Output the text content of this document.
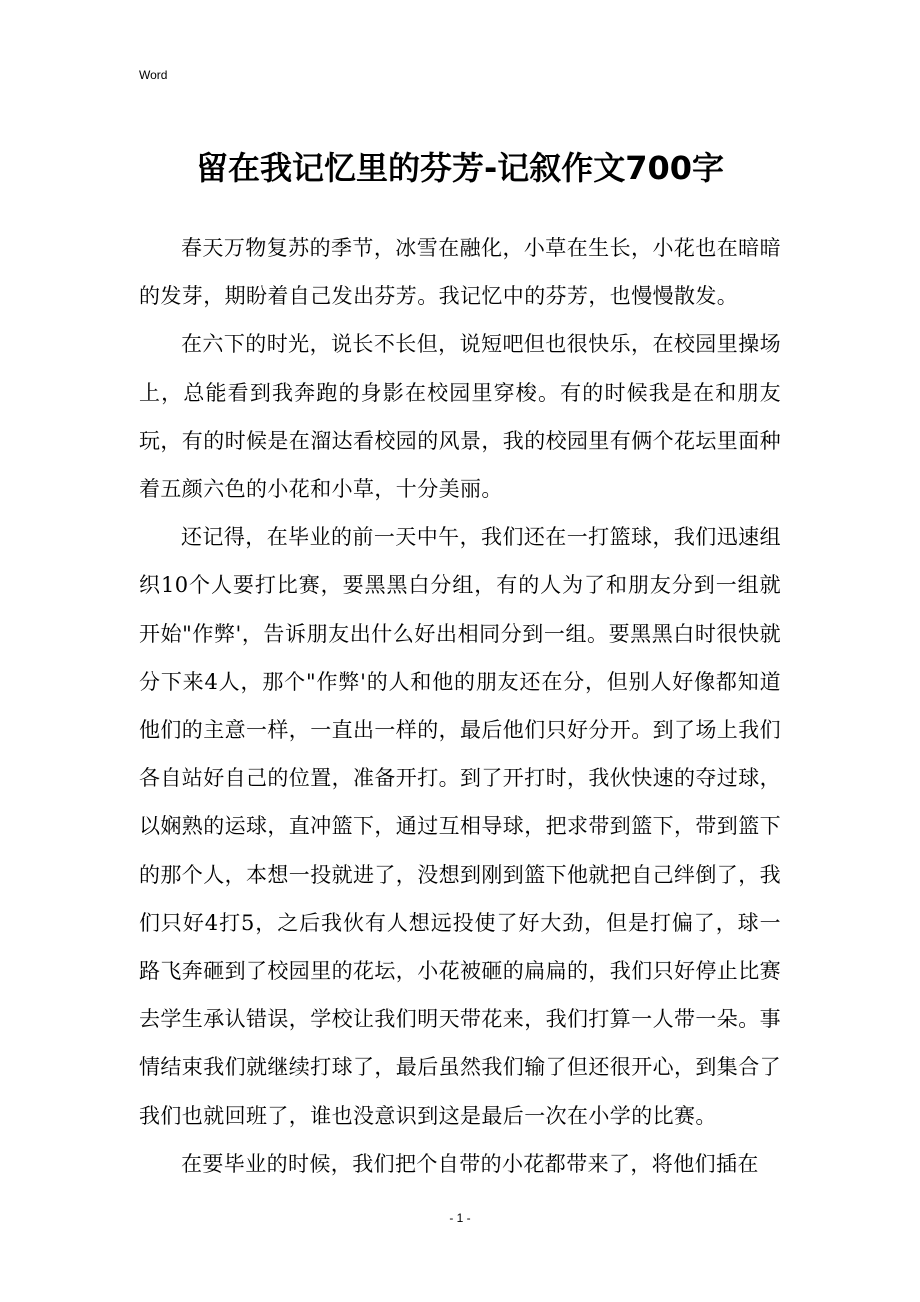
Word
留在我记忆里的芬芳-记叙作文700字

春天万物复苏的季节，冰雪在融化，小草在生长，小花也在暗暗的发芽，期盼着自己发出芬芳。我记忆中的芬芳，也慢慢散发。

在六下的时光，说长不长但，说短吧但也很快乐，在校园里操场上，总能看到我奔跑的身影在校园里穿梭。有的时候我是在和朋友玩，有的时候是在溜达看校园的风景，我的校园里有俩个花坛里面种着五颜六色的小花和小草，十分美丽。

还记得，在毕业的前一天中午，我们还在一打篮球，我们迅速组织10个人要打比赛，要黑黑白分组，有的人为了和朋友分到一组就开始"作弊'，告诉朋友出什么好出相同分到一组。要黑黑白时很快就分下来4人，那个"作弊'的人和他的朋友还在分，但别人好像都知道他们的主意一样，一直出一样的，最后他们只好分开。到了场上我们各自站好自己的位置，准备开打。到了开打时，我伙快速的夺过球，以娴熟的运球，直冲篮下，通过互相导球，把求带到篮下，带到篮下的那个人，本想一投就进了，没想到刚到篮下他就把自己绊倒了，我们只好4打5，之后我伙有人想远投使了好大劲，但是打偏了，球一路飞奔砸到了校园里的花坛，小花被砸的扁扁的，我们只好停止比赛去学生承认错误，学校让我们明天带花来，我们打算一人带一朵。事情结束我们就继续打球了，最后虽然我们输了但还很开心，到集合了我们也就回班了，谁也没意识到这是最后一次在小学的比赛。

在要毕业的时候，我们把个自带的小花都带来了，将他们插在

- 1 -
